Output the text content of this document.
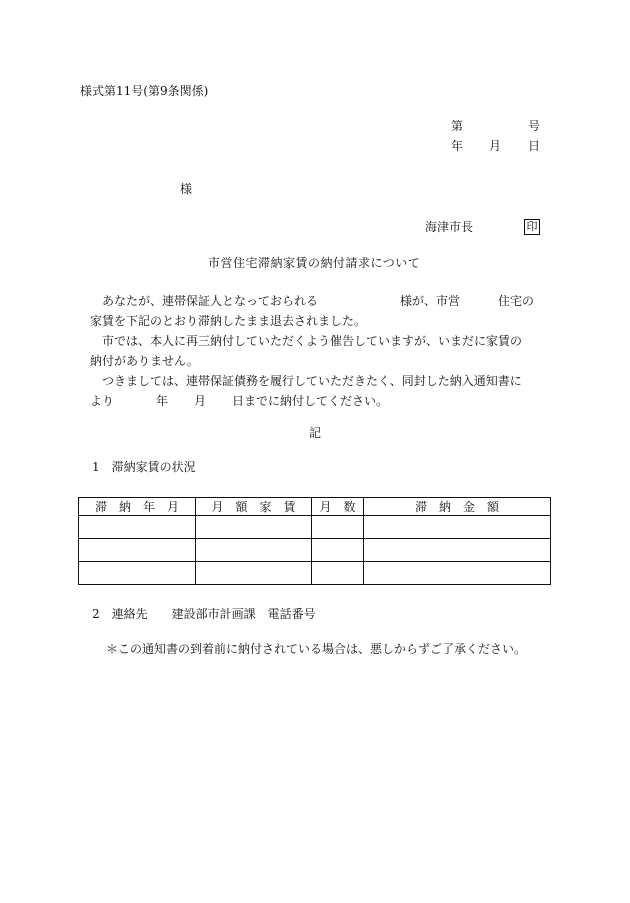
様式第11号(第9条関係)
第	号
年 月 日
様
海津市長	印
市営住宅滞納家賃の納付請求について
あなたが、連帯保証人となっておられる	様が、市営	住宅の
家賃を下記のとおり滞納したまま退去されました。
市では、本人に再三納付していただくよう催告していますが、いまだに家賃の
納付がありません。
つきましては、連帯保証債務を履行していただきたく、同封した納入通知書に
より	年 月 日までに納付してください。
記
1　滞納家賃の状況
滞　納　年　月	月　額　家　賃	月　数	滞　納　金　額

2 連絡先 建設部市計画課 電話番号
＊この通知書の到着前に納付されている場合は、悪しからずご了承ください。
